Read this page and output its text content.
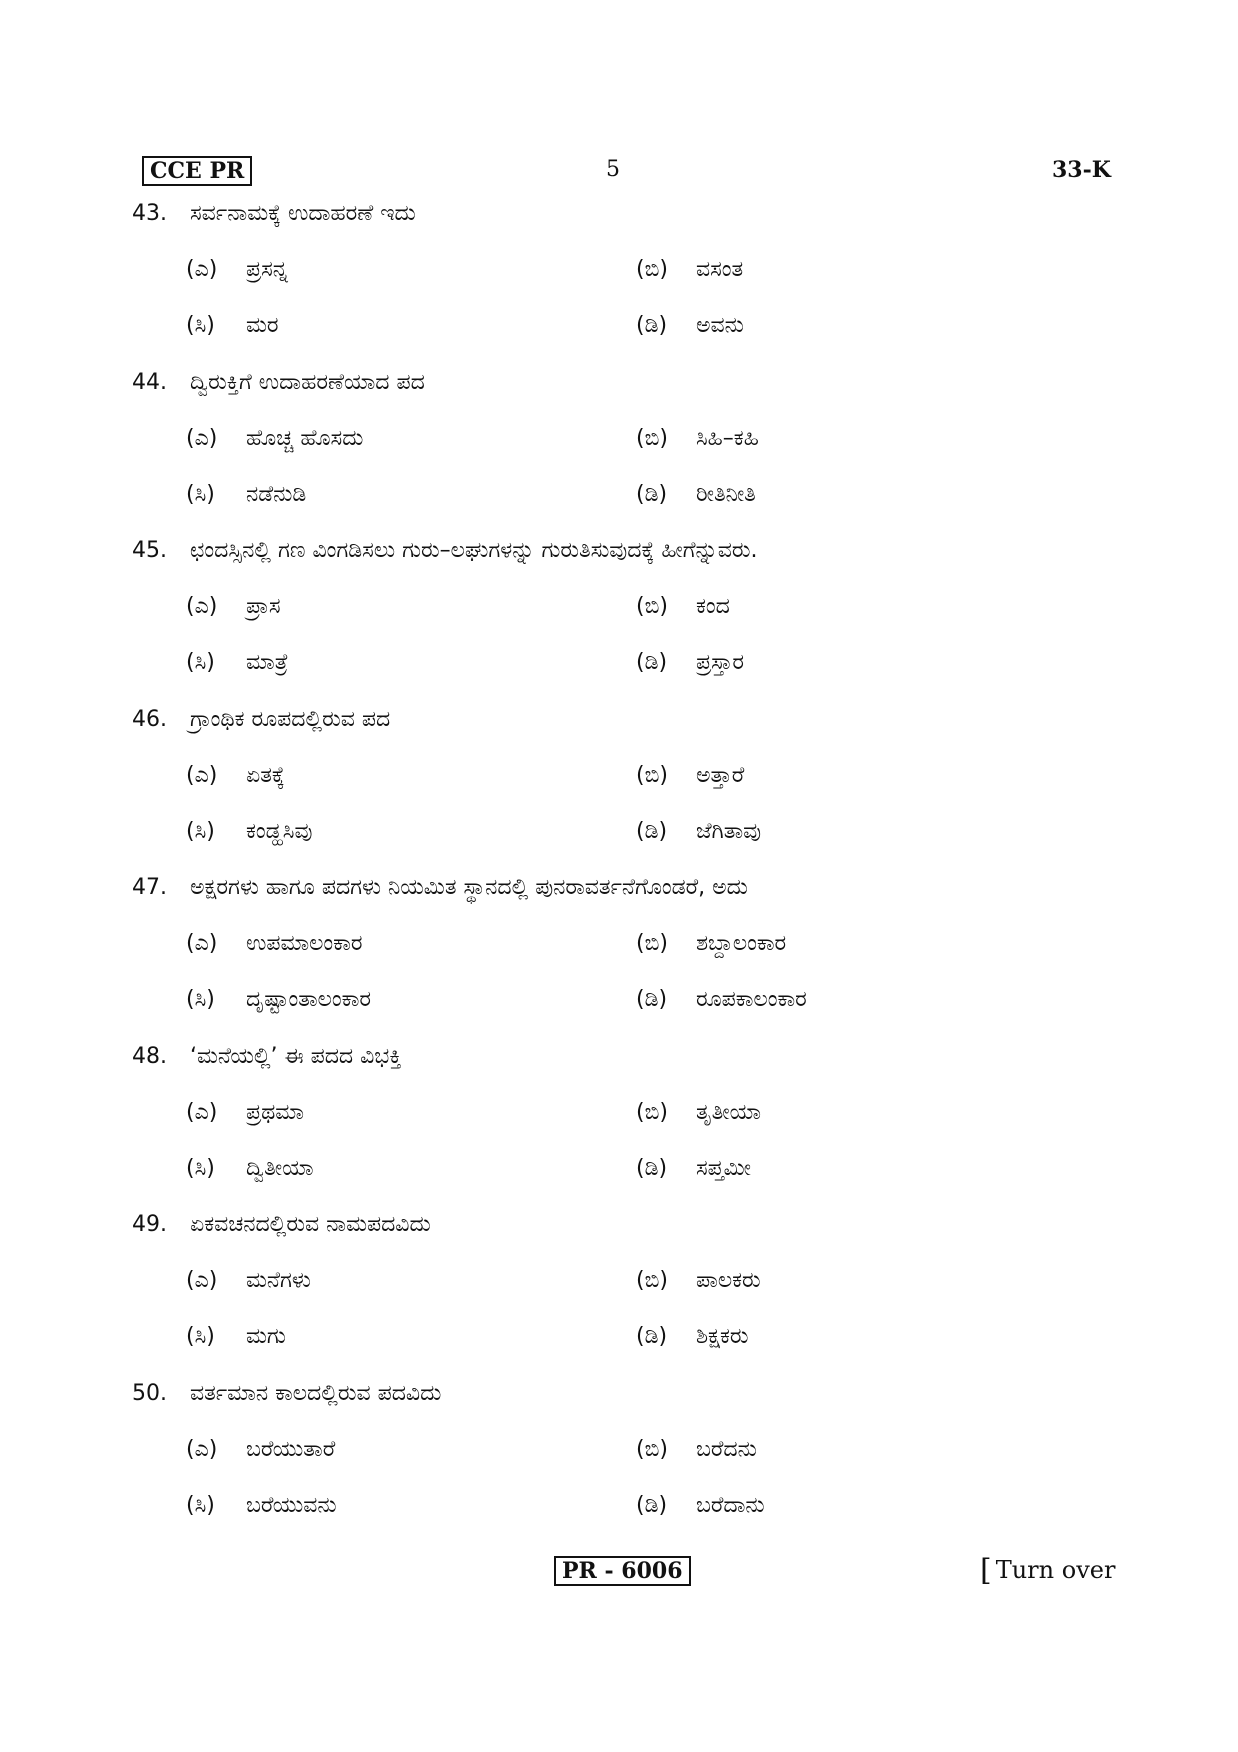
CCE PR	5	33-K
43. ಸರ್ವನಾಮಕ್ಕೆ ಉದಾಹರಣೆ ಇದು
(ಎ) ಪ್ರಸನ್ನ	(ಬಿ) ವಸಂತ
(ಸಿ) ಮರ	(ಡಿ) ಅವನು
44. ದ್ವಿರುಕ್ತಿಗೆ ಉದಾಹರಣೆಯಾದ ಪದ
(ಎ) ಹೊಚ್ಚ ಹೊಸದು	(ಬಿ) ಸಿಹಿ–ಕಹಿ
(ಸಿ) ನಡೆನುಡಿ	(ಡಿ) ರೀತಿನೀತಿ
45. ಛಂದಸ್ಸಿನಲ್ಲಿ ಗಣ ವಿಂಗಡಿಸಲು ಗುರು–ಲಘುಗಳನ್ನು ಗುರುತಿಸುವುದಕ್ಕೆ ಹೀಗೆನ್ನುವರು.
(ಎ) ಪ್ರಾಸ	(ಬಿ) ಕಂದ
(ಸಿ) ಮಾತ್ರೆ	(ಡಿ) ಪ್ರಸ್ತಾರ
46. ಗ್ರಾಂಥಿಕ ರೂಪದಲ್ಲಿರುವ ಪದ
(ಎ) ಏತಕ್ಕೆ	(ಬಿ) ಅತ್ತಾರೆ
(ಸಿ) ಕಂಡ್ಹಸಿವು	(ಡಿ) ಜೆಗಿತಾವು
47. ಅಕ್ಷರಗಳು ಹಾಗೂ ಪದಗಳು ನಿಯಮಿತ ಸ್ಥಾನದಲ್ಲಿ ಪುನರಾವರ್ತನೆಗೊಂಡರೆ, ಅದು
(ಎ) ಉಪಮಾಲಂಕಾರ	(ಬಿ) ಶಬ್ದಾಲಂಕಾರ
(ಸಿ) ದೃಷ್ಟಾಂತಾಲಂಕಾರ	(ಡಿ) ರೂಪಕಾಲಂಕಾರ
48. ‘ಮನೆಯಲ್ಲಿ’ ಈ ಪದದ ವಿಭಕ್ತಿ
(ಎ) ಪ್ರಥಮಾ	(ಬಿ) ತೃತೀಯಾ
(ಸಿ) ದ್ವಿತೀಯಾ	(ಡಿ) ಸಪ್ತಮೀ
49. ಏಕವಚನದಲ್ಲಿರುವ ನಾಮಪದವಿದು
(ಎ) ಮನೆಗಳು	(ಬಿ) ಪಾಲಕರು
(ಸಿ) ಮಗು	(ಡಿ) ಶಿಕ್ಷಕರು
50. ವರ್ತಮಾನ ಕಾಲದಲ್ಲಿರುವ ಪದವಿದು
(ಎ) ಬರೆಯುತಾರೆ	(ಬಿ) ಬರೆದನು
(ಸಿ) ಬರೆಯುವನು	(ಡಿ) ಬರೆದಾನು
PR - 6006	[ Turn over
